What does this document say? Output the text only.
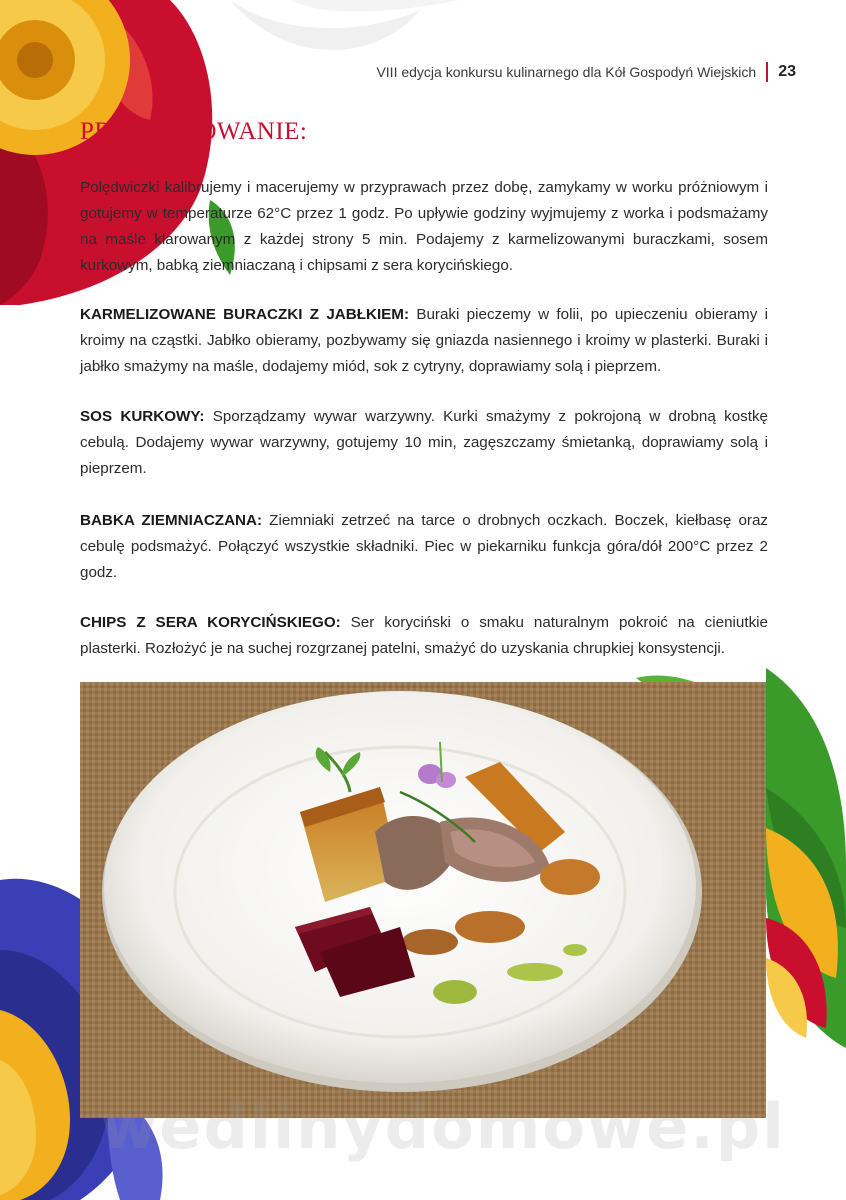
VIII edycja konkursu kulinarnego dla Kół Gospodyń Wiejskich 23
PRZYGOTOWANIE:
Polędwiczki kalibrujemy i macerujemy w przyprawach przez dobę, zamykamy w worku próżniowym i gotujemy w temperaturze 62°C przez 1 godz. Po upływie godziny wyjmujemy z worka i podsmażamy na maśle klarowanym z każdej strony 5 min. Podajemy z karmelizowanymi buraczkami, sosem kurkowym, babką ziemniaczaną i chipsami z sera korycińskiego.
KARMELIZOWANE BURACZKI Z JABŁKIEM: Buraki pieczemy w folii, po upieczeniu obieramy i kroimy na cząstki. Jabłko obieramy, pozbywamy się gniazda nasiennego i kroimy w plasterki. Buraki i jabłko smażymy na maśle, dodajemy miód, sok z cytryny, doprawiamy solą i pieprzem.
SOS KURKOWY: Sporządzamy wywar warzywny. Kurki smażymy z pokrojoną w drobną kostkę cebulą. Dodajemy wywar warzywny, gotujemy 10 min, zagęszczamy śmietanką, doprawiamy solą i pieprzem.
BABKA ZIEMNIACZANA: Ziemniaki zetrzeć na tarce o drobnych oczkach. Boczek, kiełbasę oraz cebulę podsmażyć. Połączyć wszystkie składniki. Piec w piekarniku funkcja góra/dół 200°C przez 2 godz.
CHIPS Z SERA KORYCIŃSKIEGO: Ser koryciński o smaku naturalnym pokroić na cieniutkie plasterki. Rozłożyć je na suchej rozgrzanej patelni, smażyć do uzyskania chrupkiej konsystencji.
wedlinydomowe.pl
